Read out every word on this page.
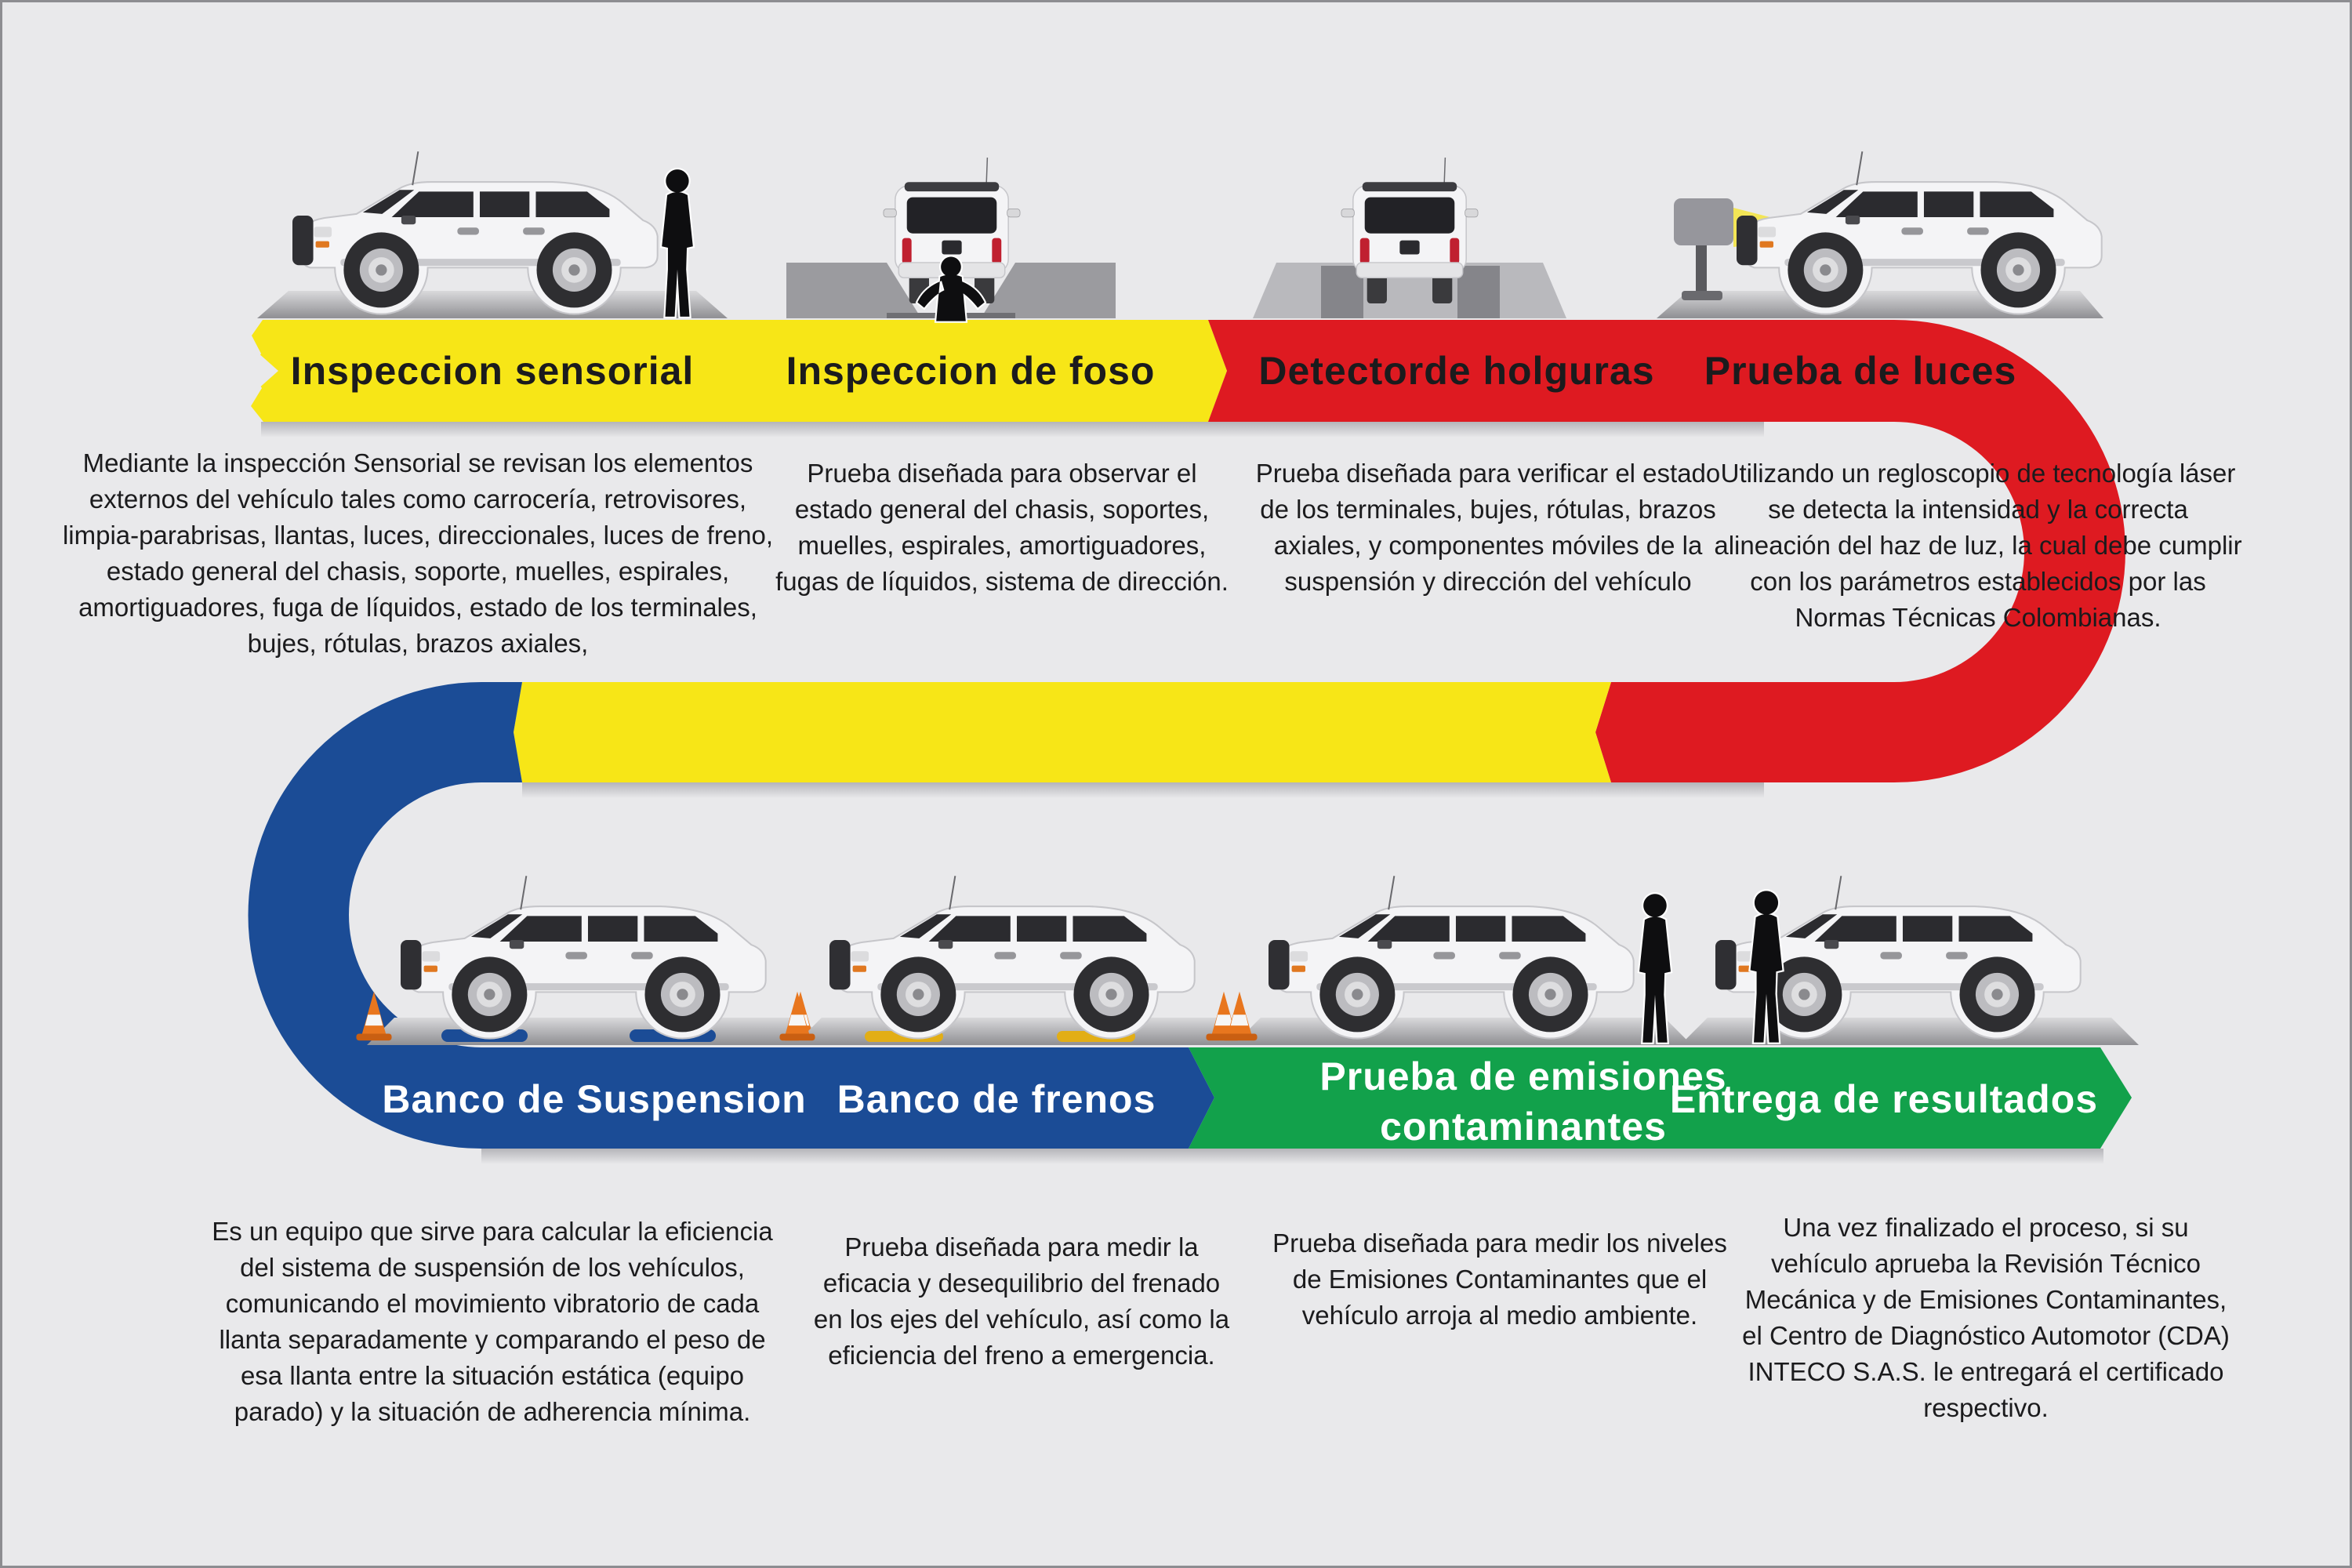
Inspeccion sensorial Inspeccion de foso	Detectorde holguras Prueba de luces
Mediante la inspección Sensorial se revisan los elementos externos del vehículo tales como carrocería, retrovisores, limpia-parabrisas, llantas, luces, direccionales, luces de freno, estado general del chasis, soporte, muelles, espirales, amortiguadores, fuga de líquidos, estado de los terminales, bujes, rótulas, brazos axiales,
Prueba diseñada para observar el estado general del chasis, soportes, muelles, espirales, amortiguadores, fugas de líquidos, sistema de dirección.
Prueba diseñada para verificar el estado de los terminales, bujes, rótulas, brazos axiales, y componentes móviles de la suspensión y dirección del vehículo
Utilizando un regloscopio de tecnología láser se detecta la intensidad y la correcta alineación del haz de luz, la cual debe cumplir con los parámetros establecidos por las Normas Técnicas Colombianas.
Banco de Suspension Banco de frenos
Prueba de emisiones contaminantes
Entrega de resultados
Es un equipo que sirve para calcular la eficiencia del sistema de suspensión de los vehículos, comunicando el movimiento vibratorio de cada llanta separadamente y comparando el peso de esa llanta entre la situación estática (equipo parado) y la situación de adherencia mínima.
Prueba diseñada para medir la eficacia y desequilibrio del frenado en los ejes del vehículo, así como la eficiencia del freno a emergencia.
Prueba diseñada para medir los niveles de Emisiones Contaminantes que el vehículo arroja al medio ambiente.
Una vez finalizado el proceso, si su vehículo aprueba la Revisión Técnico Mecánica y de Emisiones Contaminantes, el Centro de Diagnóstico Automotor (CDA) INTECO S.A.S. le entregará el certificado respectivo.
